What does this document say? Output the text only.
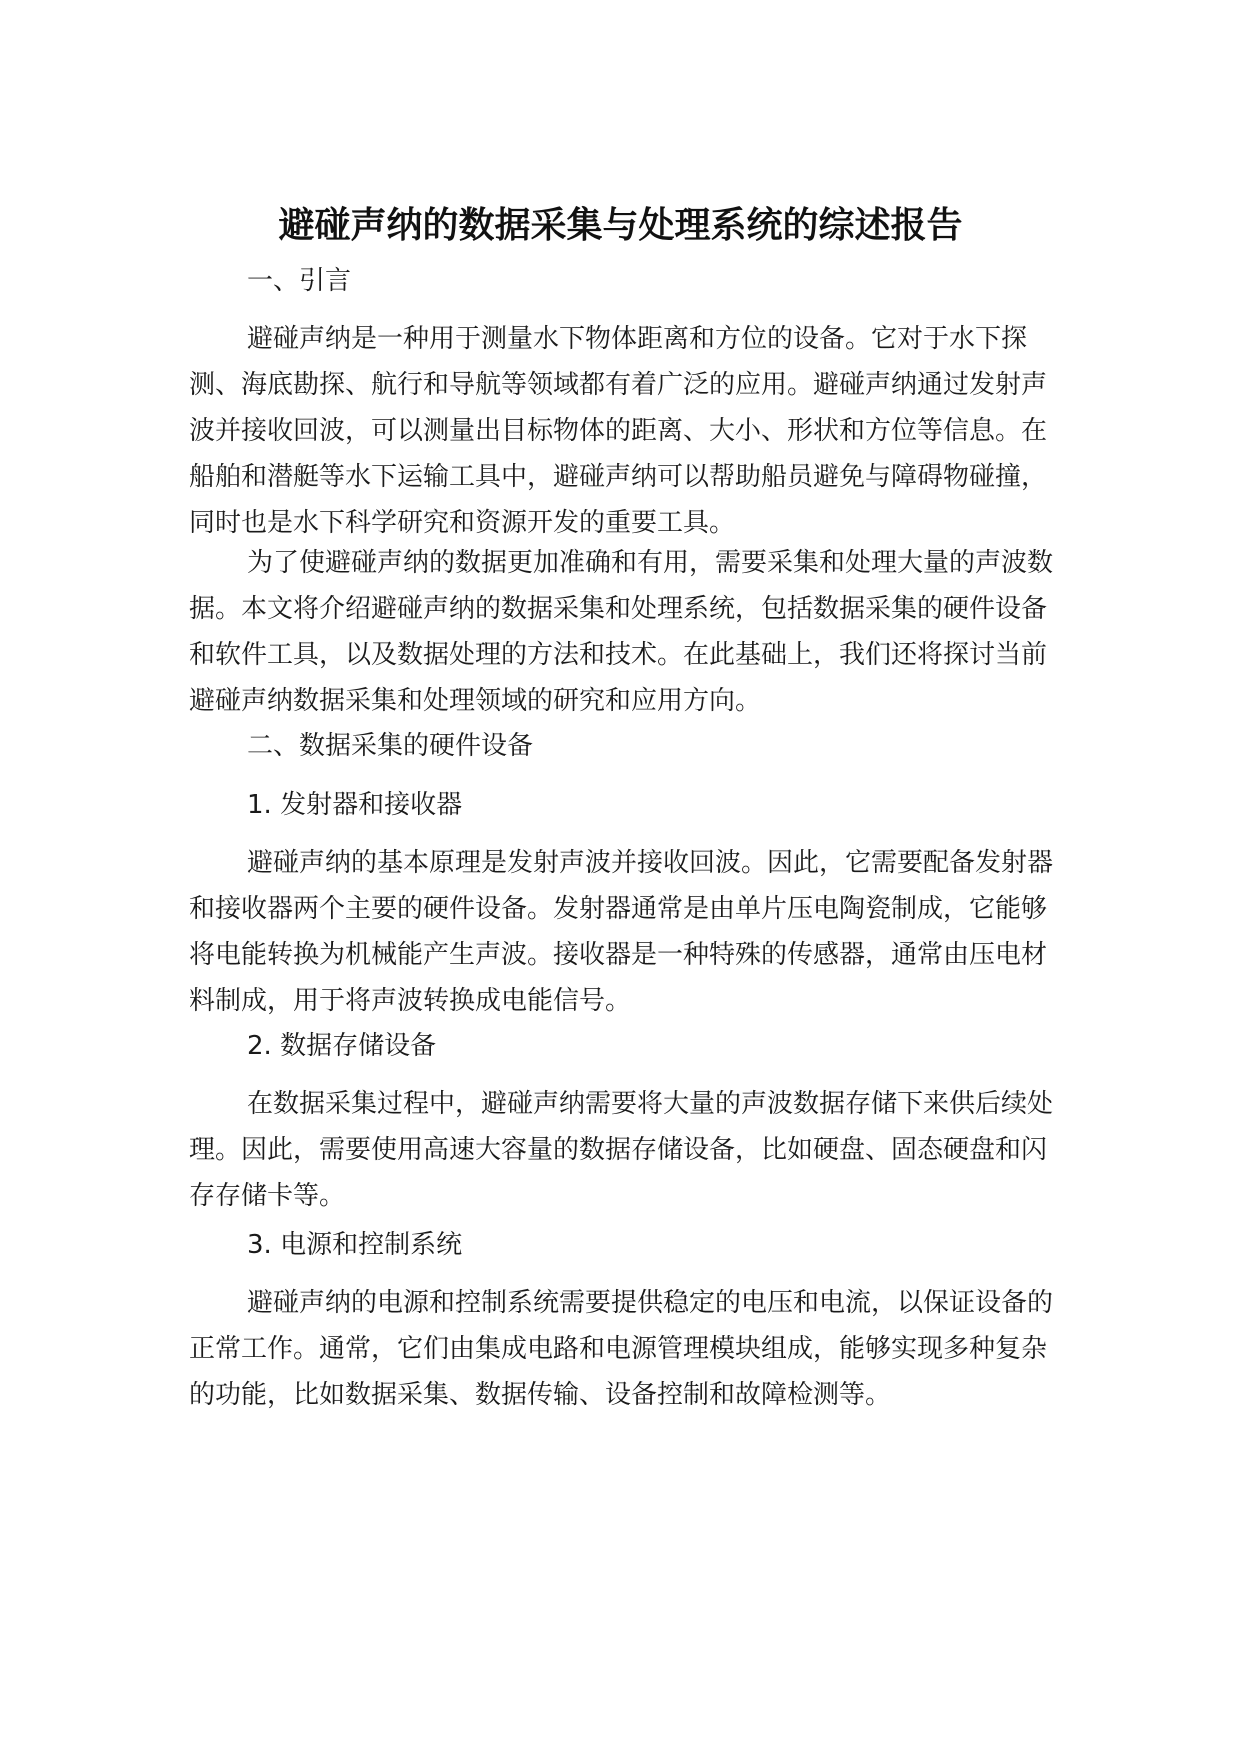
避碰声纳的数据采集与处理系统的综述报告

一、引言

避碰声纳是一种用于测量水下物体距离和方位的设备。它对于水下探测、海底勘探、航行和导航等领域都有着广泛的应用。避碰声纳通过发射声波并接收回波，可以测量出目标物体的距离、大小、形状和方位等信息。在船舶和潜艇等水下运输工具中，避碰声纳可以帮助船员避免与障碍物碰撞，同时也是水下科学研究和资源开发的重要工具。

为了使避碰声纳的数据更加准确和有用，需要采集和处理大量的声波数据。本文将介绍避碰声纳的数据采集和处理系统，包括数据采集的硬件设备和软件工具，以及数据处理的方法和技术。在此基础上，我们还将探讨当前避碰声纳数据采集和处理领域的研究和应用方向。

二、数据采集的硬件设备

1. 发射器和接收器

避碰声纳的基本原理是发射声波并接收回波。因此，它需要配备发射器和接收器两个主要的硬件设备。发射器通常是由单片压电陶瓷制成，它能够将电能转换为机械能产生声波。接收器是一种特殊的传感器，通常由压电材料制成，用于将声波转换成电能信号。

2. 数据存储设备

在数据采集过程中，避碰声纳需要将大量的声波数据存储下来供后续处理。因此，需要使用高速大容量的数据存储设备，比如硬盘、固态硬盘和闪存存储卡等。

3. 电源和控制系统

避碰声纳的电源和控制系统需要提供稳定的电压和电流，以保证设备的正常工作。通常，它们由集成电路和电源管理模块组成，能够实现多种复杂的功能，比如数据采集、数据传输、设备控制和故障检测等。
